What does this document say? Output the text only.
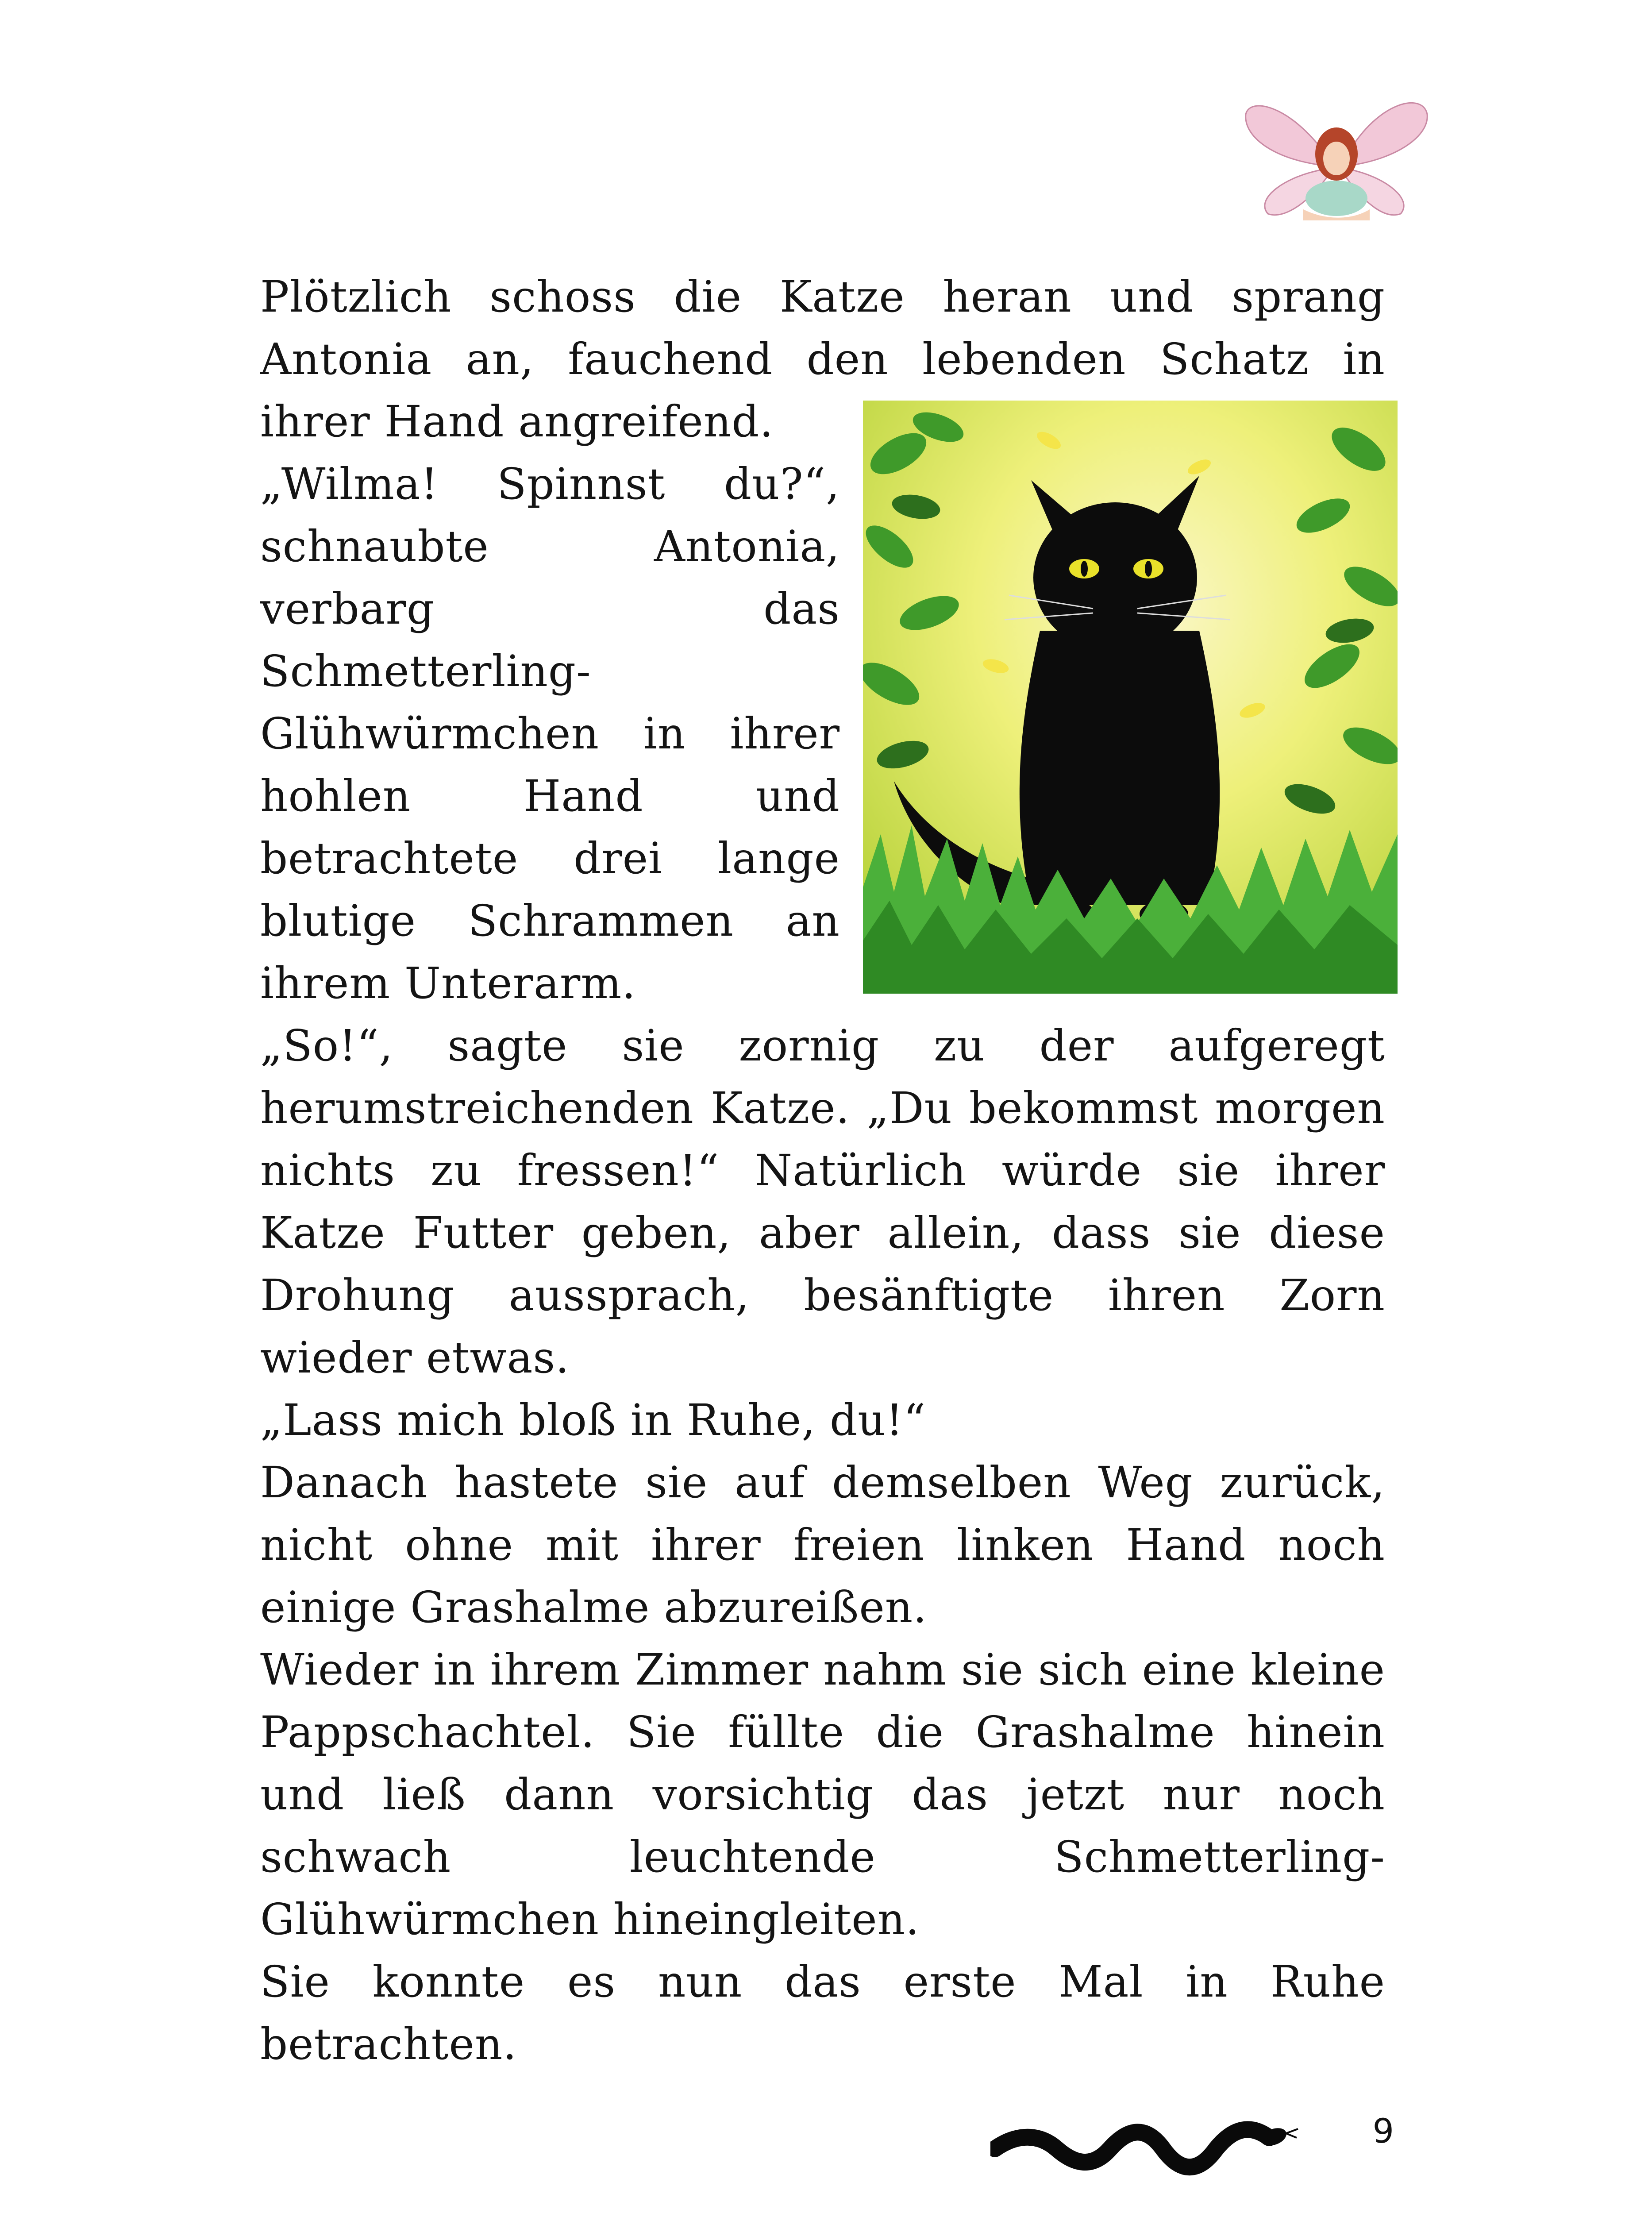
Plötzlich schoss die Katze heran und sprang Antonia an, fauchend den lebenden Schatz in ihrer Hand angreifend.

„Wilma! Spinnst du?“, schnaubte Antonia, verbarg das Schmetterling-Glühwürmchen in ihrer hohlen Hand und betrachtete drei lange blutige Schrammen an ihrem Unterarm.

„So!“, sagte sie zornig zu der aufgeregt herumstreichenden Katze. „Du bekommst morgen nichts zu fressen!“ Natürlich würde sie ihrer Katze Futter geben, aber allein, dass sie diese Drohung aussprach, besänftigte ihren Zorn wieder etwas.

„Lass mich bloß in Ruhe, du!“

Danach hastete sie auf demselben Weg zurück, nicht ohne mit ihrer freien linken Hand noch einige Grashalme abzureißen.

Wieder in ihrem Zimmer nahm sie sich eine kleine Pappschachtel. Sie füllte die Grashalme hinein und ließ dann vorsichtig das jetzt nur noch schwach leuchtende Schmetterling-Glühwürmchen hineingleiten.

Sie konnte es nun das erste Mal in Ruhe betrachten.

9
